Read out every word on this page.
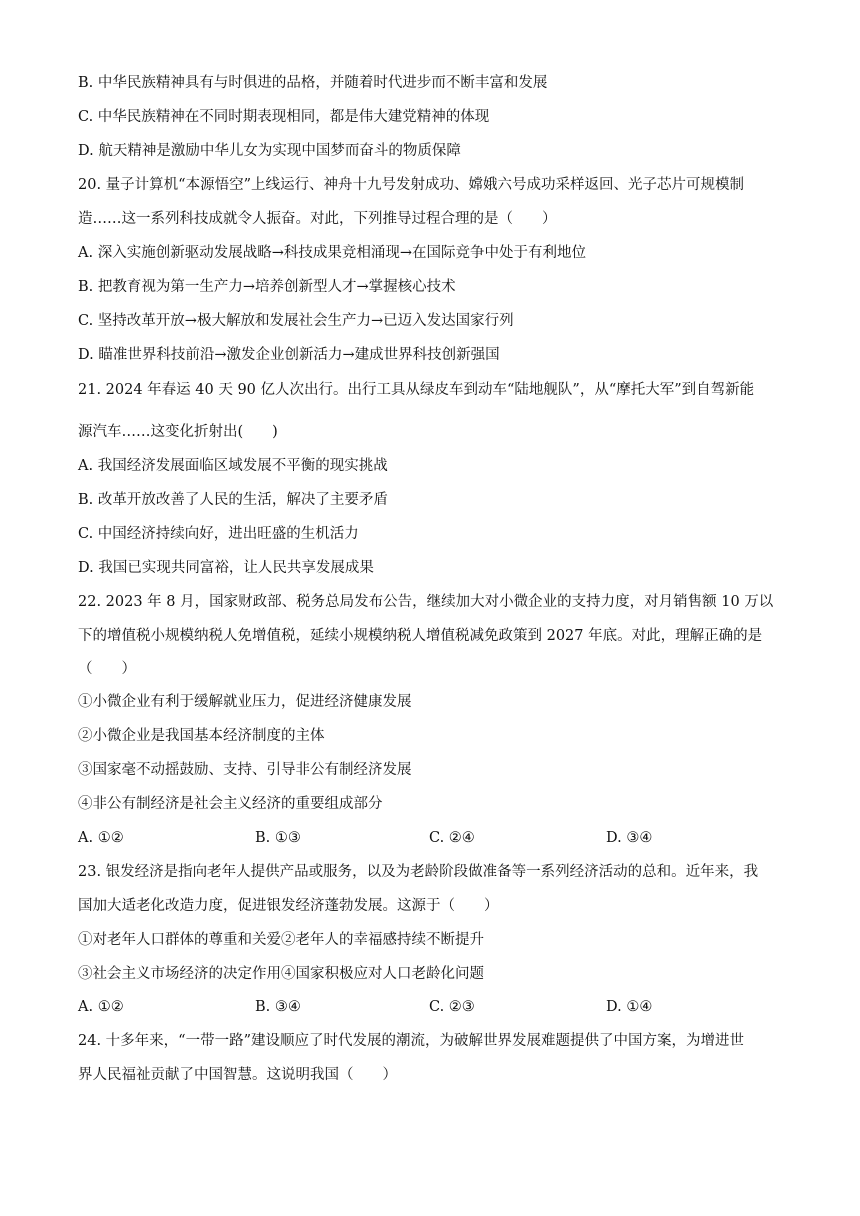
B. 中华民族精神具有与时俱进的品格，并随着时代进步而不断丰富和发展
C. 中华民族精神在不同时期表现相同，都是伟大建党精神的体现
D. 航天精神是激励中华儿女为实现中国梦而奋斗的物质保障
20. 量子计算机“本源悟空”上线运行、神舟十九号发射成功、嫦娥六号成功采样返回、光子芯片可规模制
造……这一系列科技成就令人振奋。对此，下列推导过程合理的是（　　）
A. 深入实施创新驱动发展战略→科技成果竞相涌现→在国际竞争中处于有利地位
B. 把教育视为第一生产力→培养创新型人才→掌握核心技术
C. 坚持改革开放→极大解放和发展社会生产力→已迈入发达国家行列
D. 瞄准世界科技前沿→激发企业创新活力→建成世界科技创新强国
21. 2024 年春运 40 天 90 亿人次出行。出行工具从绿皮车到动车“陆地舰队”，从“摩托大军”到自驾新能
源汽车……这变化折射出(　　)
A. 我国经济发展面临区域发展不平衡的现实挑战
B. 改革开放改善了人民的生活，解决了主要矛盾
C. 中国经济持续向好，进出旺盛的生机活力
D. 我国已实现共同富裕，让人民共享发展成果
22. 2023 年 8 月，国家财政部、税务总局发布公告，继续加大对小微企业的支持力度，对月销售额 10 万以
下的增值税小规模纳税人免增值税，延续小规模纳税人增值税减免政策到 2027 年底。对此，理解正确的是
（　　）
①小微企业有利于缓解就业压力，促进经济健康发展
②小微企业是我国基本经济制度的主体
③国家毫不动摇鼓励、支持、引导非公有制经济发展
④非公有制经济是社会主义经济的重要组成部分
A. ①②	B. ①③	C. ②④	D. ③④
23. 银发经济是指向老年人提供产品或服务，以及为老龄阶段做准备等一系列经济活动的总和。近年来，我
国加大适老化改造力度，促进银发经济蓬勃发展。这源于（　　）
①对老年人口群体的尊重和关爱②老年人的幸福感持续不断提升
③社会主义市场经济的决定作用④国家积极应对人口老龄化问题
A. ①②	B. ③④	C. ②③	D. ①④
24. 十多年来，“一带一路”建设顺应了时代发展的潮流，为破解世界发展难题提供了中国方案，为增进世
界人民福祉贡献了中国智慧。这说明我国（　　）
